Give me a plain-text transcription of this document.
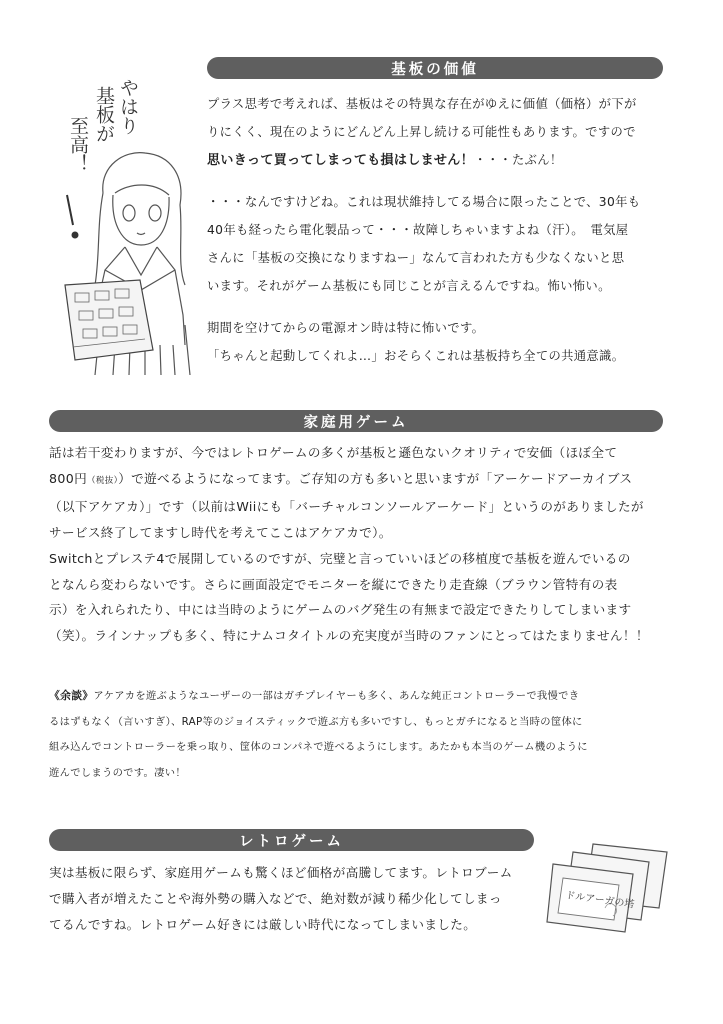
基板の価値
やはり
基板が
至高！
プラス思考で考えれば、基板はその特異な存在がゆえに価値（価格）が下が
りにくく、現在のようにどんどん上昇し続ける可能性もあります。ですので
思いきって買ってしまっても損はしません！・・・たぶん！
・・・なんですけどね。これは現状維持してる場合に限ったことで、30年も
40年も経ったら電化製品って・・・故障しちゃいますよね（汗）。　電気屋
さんに「基板の交換になりますねー」なんて言われた方も少なくないと思
います。それがゲーム基板にも同じことが言えるんですね。怖い怖い。
期間を空けてからの電源オン時は特に怖いです。
「ちゃんと起動してくれよ…」おそらくこれは基板持ち全ての共通意識。
家庭用ゲーム
話は若干変わりますが、今ではレトロゲームの多くが基板と遜色ないクオリティで安価（ほぼ全て
800円（税抜））で遊べるようになってます。ご存知の方も多いと思いますが「アーケードアーカイブス
（以下アケアカ）」です（以前はWiiにも「バーチャルコンソールアーケード」というのがありましたが
サービス終了してますし時代を考えてここはアケアカで）。
Switchとプレステ4で展開しているのですが、完璧と言っていいほどの移植度で基板を遊んでいるの
となんら変わらないです。さらに画面設定でモニターを縦にできたり走査線（ブラウン管特有の表
示）を入れられたり、中には当時のようにゲームのバグ発生の有無まで設定できたりしてしまいます
（笑）。ラインナップも多く、特にナムコタイトルの充実度が当時のファンにとってはたまりません！！
《余談》アケアカを遊ぶようなユーザーの一部はガチプレイヤーも多く、あんな純正コントローラーで我慢でき
るはずもなく（言いすぎ）、RAP等のジョイスティックで遊ぶ方も多いですし、もっとガチになると当時の筐体に
組み込んでコントローラーを乗っ取り、筐体のコンパネで遊べるようにします。あたかも本当のゲーム機のように
遊んでしまうのです。凄い！
レトロゲーム
実は基板に限らず、家庭用ゲームも驚くほど価格が高騰してます。レトロブーム
で購入者が増えたことや海外勢の購入などで、絶対数が減り稀少化してしまっ
てるんですね。レトロゲーム好きには厳しい時代になってしまいました。
ドルアーガの塔
